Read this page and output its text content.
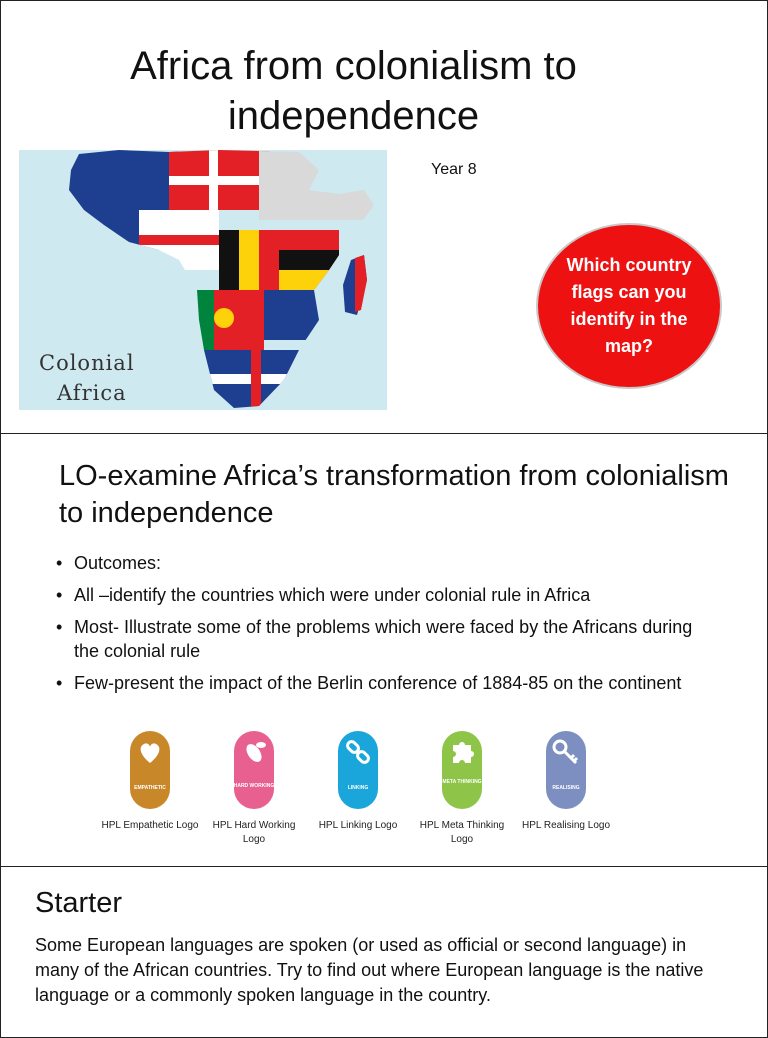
Africa from colonialism to independence
Colonial
Africa
Year 8
Which country flags can you identify in the map?
LO-examine Africa’s transformation from colonialism to independence
• Outcomes:
• All –identify the countries which were under colonial rule in Africa
• Most- Illustrate some of the problems which were faced by the Africans during the colonial rule
• Few-present the impact of the Berlin conference of 1884-85 on the continent
EMPATHETIC
HPL Empathetic Logo
HARD WORKING
HPL Hard Working Logo
LINKING
HPL Linking Logo
META THINKING
HPL Meta Thinking Logo
REALISING
HPL Realising Logo
Starter

Some European languages are spoken (or used as official or second language) in many of the African countries. Try to find out where European language is the native language or a commonly spoken language in the country.
